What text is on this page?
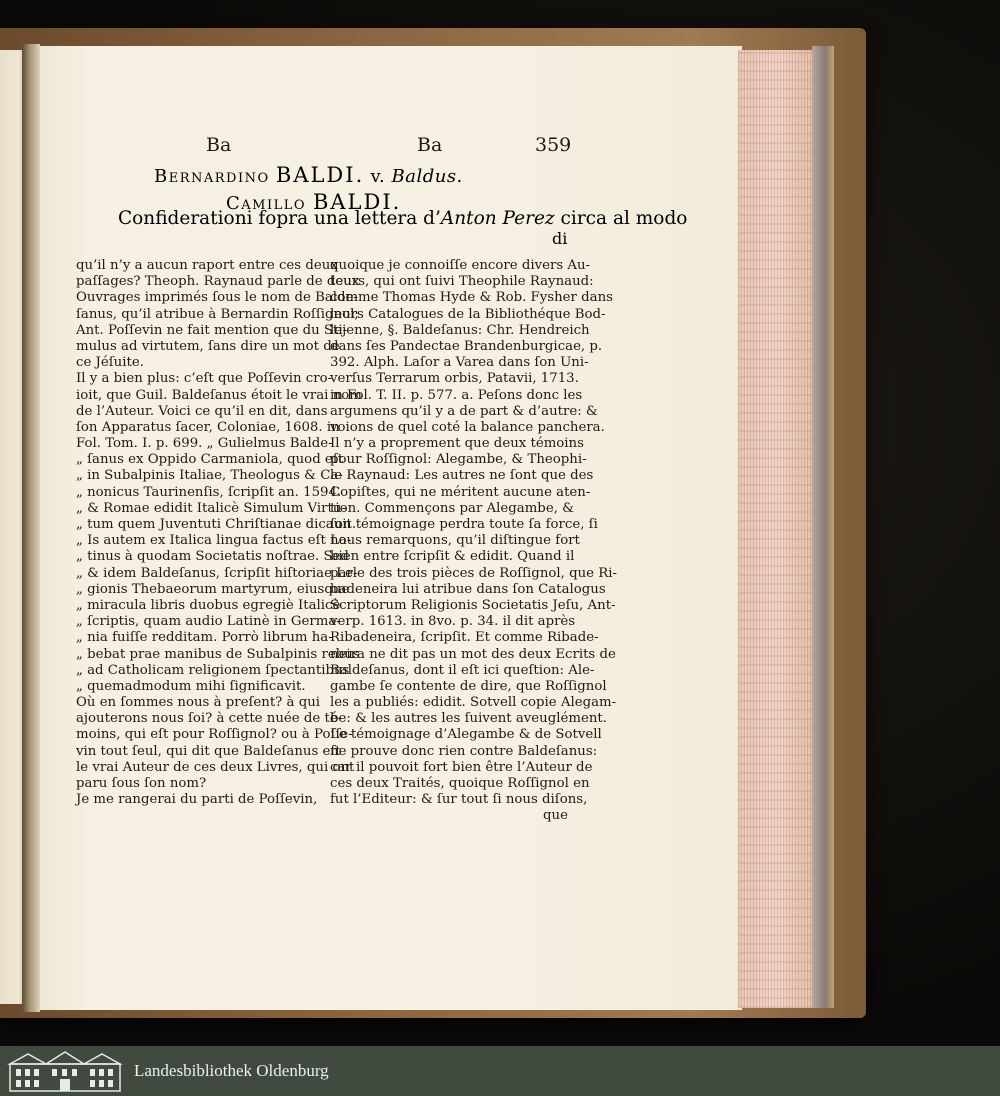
Ba	Ba	359
Bernardino BALDI. v. Baldus.
Camillo BALDI.
Confiderationi fopra una lettera d’Anton Perez circa al modo
di
qu’il n’y a aucun raport entre ces deux
paſſages? Theoph. Raynaud parle de deux
Ouvrages imprimés ſous le nom de Balde-
ſanus, qu’il atribue à Bernardin Roſſignol;
Ant. Poſſevin ne fait mention que du Sti-
mulus ad virtutem, ſans dire un mot de
ce Jéſuite.
Il y a bien plus: c’eſt que Poſſevin cro-
ioit, que Guil. Baldeſanus étoit le vrai nom
de l’Auteur. Voici ce qu’il en dit, dans
ſon Apparatus ſacer, Coloniae, 1608. in
Fol. Tom. I. p. 699. „ Gulielmus Balde-
„ ſanus ex Oppido Carmaniola, quod eſt
„ in Subalpinis Italiae, Theologus & Ca-
„ nonicus Taurinenſis, ſcripſit an. 1594.
„ & Romae edidit Italicè Simulum Virtu-
„ tum quem Juventuti Chriſtianae dicauit.
„ Is autem ex Italica lingua factus eſt La-
„ tinus à quodam Societatis noſtrae. Sed
„ & idem Baldeſanus, ſcripſit hiſtoriae Le-
„ gionis Thebaeorum martyrum, eiusque
„ miracula libris duobus egregiè Italicè
„ ſcriptis, quam audio Latinè in Germa-
„ nia fuiſſe redditam. Porrò librum ha-
„ bebat prae manibus de Subalpinis rebus
„ ad Catholicam religionem ſpectantibus
„ quemadmodum mihi ſignificavit.
Où en ſommes nous à preſent? à qui
ajouterons nous ſoi? à cette nuée de té-
moins, qui eſt pour Roſſignol? ou à Poſſe-
vin tout ſeul, qui dit que Baldeſanus eſt
le vrai Auteur de ces deux Livres, qui ont
paru ſous ſon nom?
Je me rangerai du parti de Poſſevin,
quoique je connoiſſe encore divers Au-
teurs, qui ont ſuivi Theophile Raynaud:
comme Thomas Hyde & Rob. Fysher dans
leurs Catalogues de la Bibliothéque Bod-
lejenne, §. Baldeſanus: Chr. Hendreich
dans ſes Pandectae Brandenburgicae, p.
392. Alph. Laſor a Varea dans ſon Uni-
verſus Terrarum orbis, Patavii, 1713.
in Fol. T. II. p. 577. a. Peſons donc les
argumens qu’il y a de part & d’autre: &
voions de quel coté la balance panchera.
Il n’y a proprement que deux témoins
pour Roſſignol: Alegambe, & Theophi-
le Raynaud: Les autres ne ſont que des
Copiſtes, qui ne méritent aucune aten-
tion. Commençons par Alegambe, &
ſon témoignage perdra toute ſa force, ſi
nous remarquons, qu’il diſtingue fort
bien entre ſcripſit & edidit. Quand il
parle des trois pièces de Roſſignol, que Ri-
badeneira lui atribue dans ſon Catalogus
Scriptorum Religionis Societatis Jeſu, Ant-
verp. 1613. in 8vo. p. 34. il dit après
Ribadeneira, ſcripſit. Et comme Ribade-
neira ne dit pas un mot des deux Ecrits de
Baldeſanus, dont il eſt ici queſtion: Ale-
gambe ſe contente de dire, que Roſſignol
les a publiés: edidit. Sotvell copie Alegam-
be: & les autres les ſuivent aveuglément.
Le témoignage d’Alegambe & de Sotvell
ne prouve donc rien contre Baldeſanus:
car il pouvoit fort bien être l’Auteur de
ces deux Traités, quoique Roſſignol en
fut l’Editeur: & ſur tout ſi nous diſons,
que
Landesbibliothek Oldenburg
